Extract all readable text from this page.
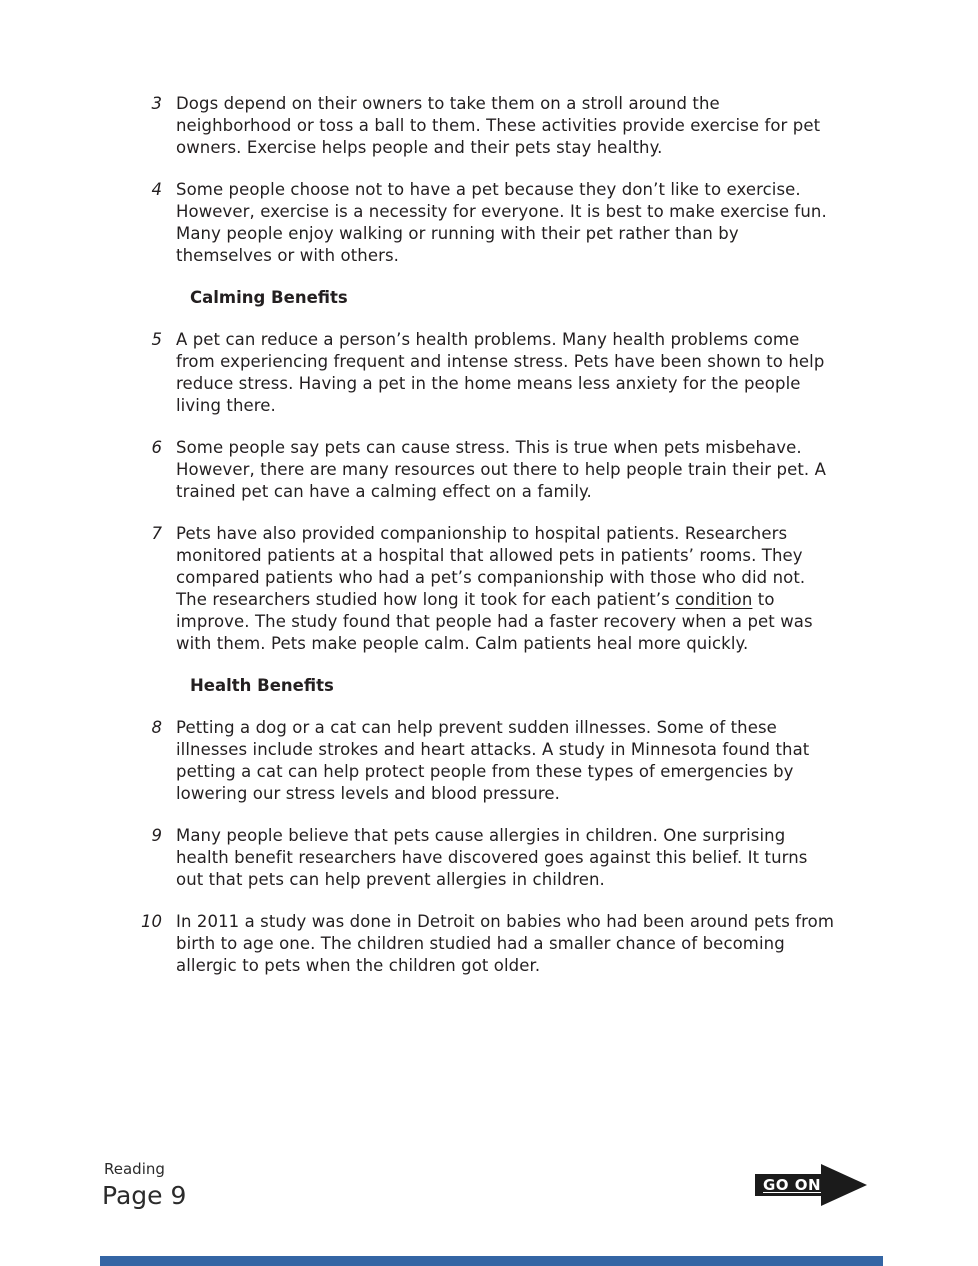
3 Dogs depend on their owners to take them on a stroll around the neighborhood or toss a ball to them. These activities provide exercise for pet owners. Exercise helps people and their pets stay healthy.
4 Some people choose not to have a pet because they don’t like to exercise. However, exercise is a necessity for everyone. It is best to make exercise fun. Many people enjoy walking or running with their pet rather than by themselves or with others.
Calming Benefits
5 A pet can reduce a person’s health problems. Many health problems come from experiencing frequent and intense stress. Pets have been shown to help reduce stress. Having a pet in the home means less anxiety for the people living there.
6 Some people say pets can cause stress. This is true when pets misbehave. However, there are many resources out there to help people train their pet. A trained pet can have a calming effect on a family.
7 Pets have also provided companionship to hospital patients. Researchers monitored patients at a hospital that allowed pets in patients’ rooms. They compared patients who had a pet’s companionship with those who did not. The researchers studied how long it took for each patient’s condition to improve. The study found that people had a faster recovery when a pet was with them. Pets make people calm. Calm patients heal more quickly.
Health Benefits
8 Petting a dog or a cat can help prevent sudden illnesses. Some of these illnesses include strokes and heart attacks. A study in Minnesota found that petting a cat can help protect people from these types of emergencies by lowering our stress levels and blood pressure.
9 Many people believe that pets cause allergies in children. One surprising health benefit researchers have discovered goes against this belief. It turns out that pets can help prevent allergies in children.
10 In 2011 a study was done in Detroit on babies who had been around pets from birth to age one. The children studied had a smaller chance of becoming allergic to pets when the children got older.
Reading
Page 9	GO ON
